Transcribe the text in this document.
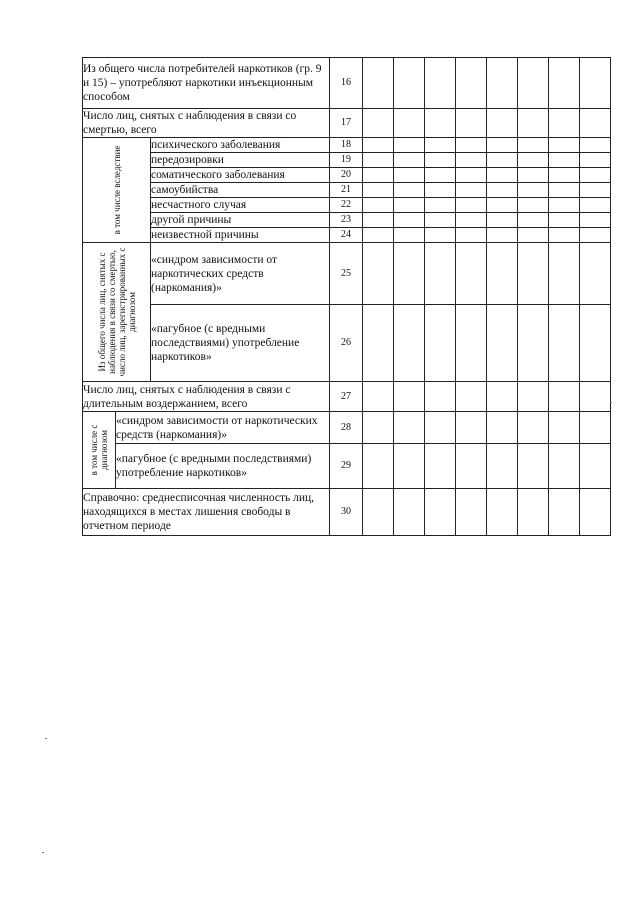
Из общего числа потребителей наркотиков (гр. 9 и 15) – употребляют наркотики инъекционным способом			16								
Число лиц, снятых с наблюдения в связи со смертью, всего			17								

в том числе вследствие		психического заболевания	18								
		передозировки	19								
		соматического заболевания	20								
		самоубийства	21								
		несчастного случая	22								
		другой причины	23								
		неизвестной причины	24								

Из общего числа лиц, снятых с наблюдения в связи со смертью, число лиц, зарегистрированных с диагнозом		«синдром зависимости от наркотических средств (наркомания)»	25								
		«пагубное (с вредными последствиями) употребление наркотиков»	26								
Число лиц, снятых с наблюдения в связи с длительным воздержанием, всего			27								

в том числе с диагнозом	«синдром зависимости от наркотических средств (наркомания)»		28								
	«пагубное (с вредными последствиями) употребление наркотиков»		29								
Справочно: среднесписочная численность лиц, находящихся в местах лишения свободы в отчетном периоде			30								
